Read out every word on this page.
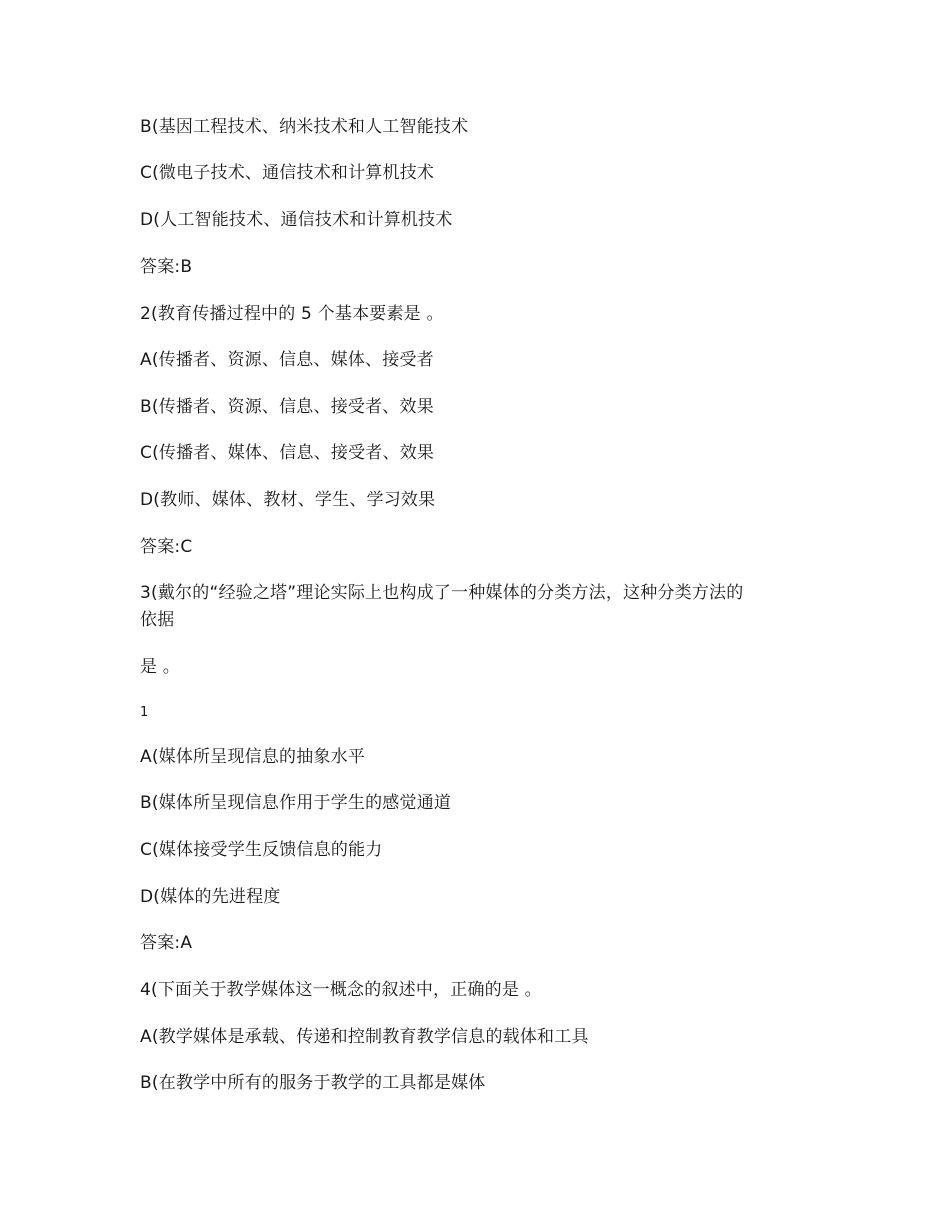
B(基因工程技术、纳米技术和人工智能技术
C(微电子技术、通信技术和计算机技术
D(人工智能技术、通信技术和计算机技术
答案:B
2(教育传播过程中的 5 个基本要素是 。
A(传播者、资源、信息、媒体、接受者
B(传播者、资源、信息、接受者、效果
C(传播者、媒体、信息、接受者、效果
D(教师、媒体、教材、学生、学习效果
答案:C
3(戴尔的“经验之塔”理论实际上也构成了一种媒体的分类方法，这种分类方法的
依据
是 。
1
A(媒体所呈现信息的抽象水平
B(媒体所呈现信息作用于学生的感觉通道
C(媒体接受学生反馈信息的能力
D(媒体的先进程度
答案:A
4(下面关于教学媒体这一概念的叙述中，正确的是 。
A(教学媒体是承载、传递和控制教育教学信息的载体和工具
B(在教学中所有的服务于教学的工具都是媒体
